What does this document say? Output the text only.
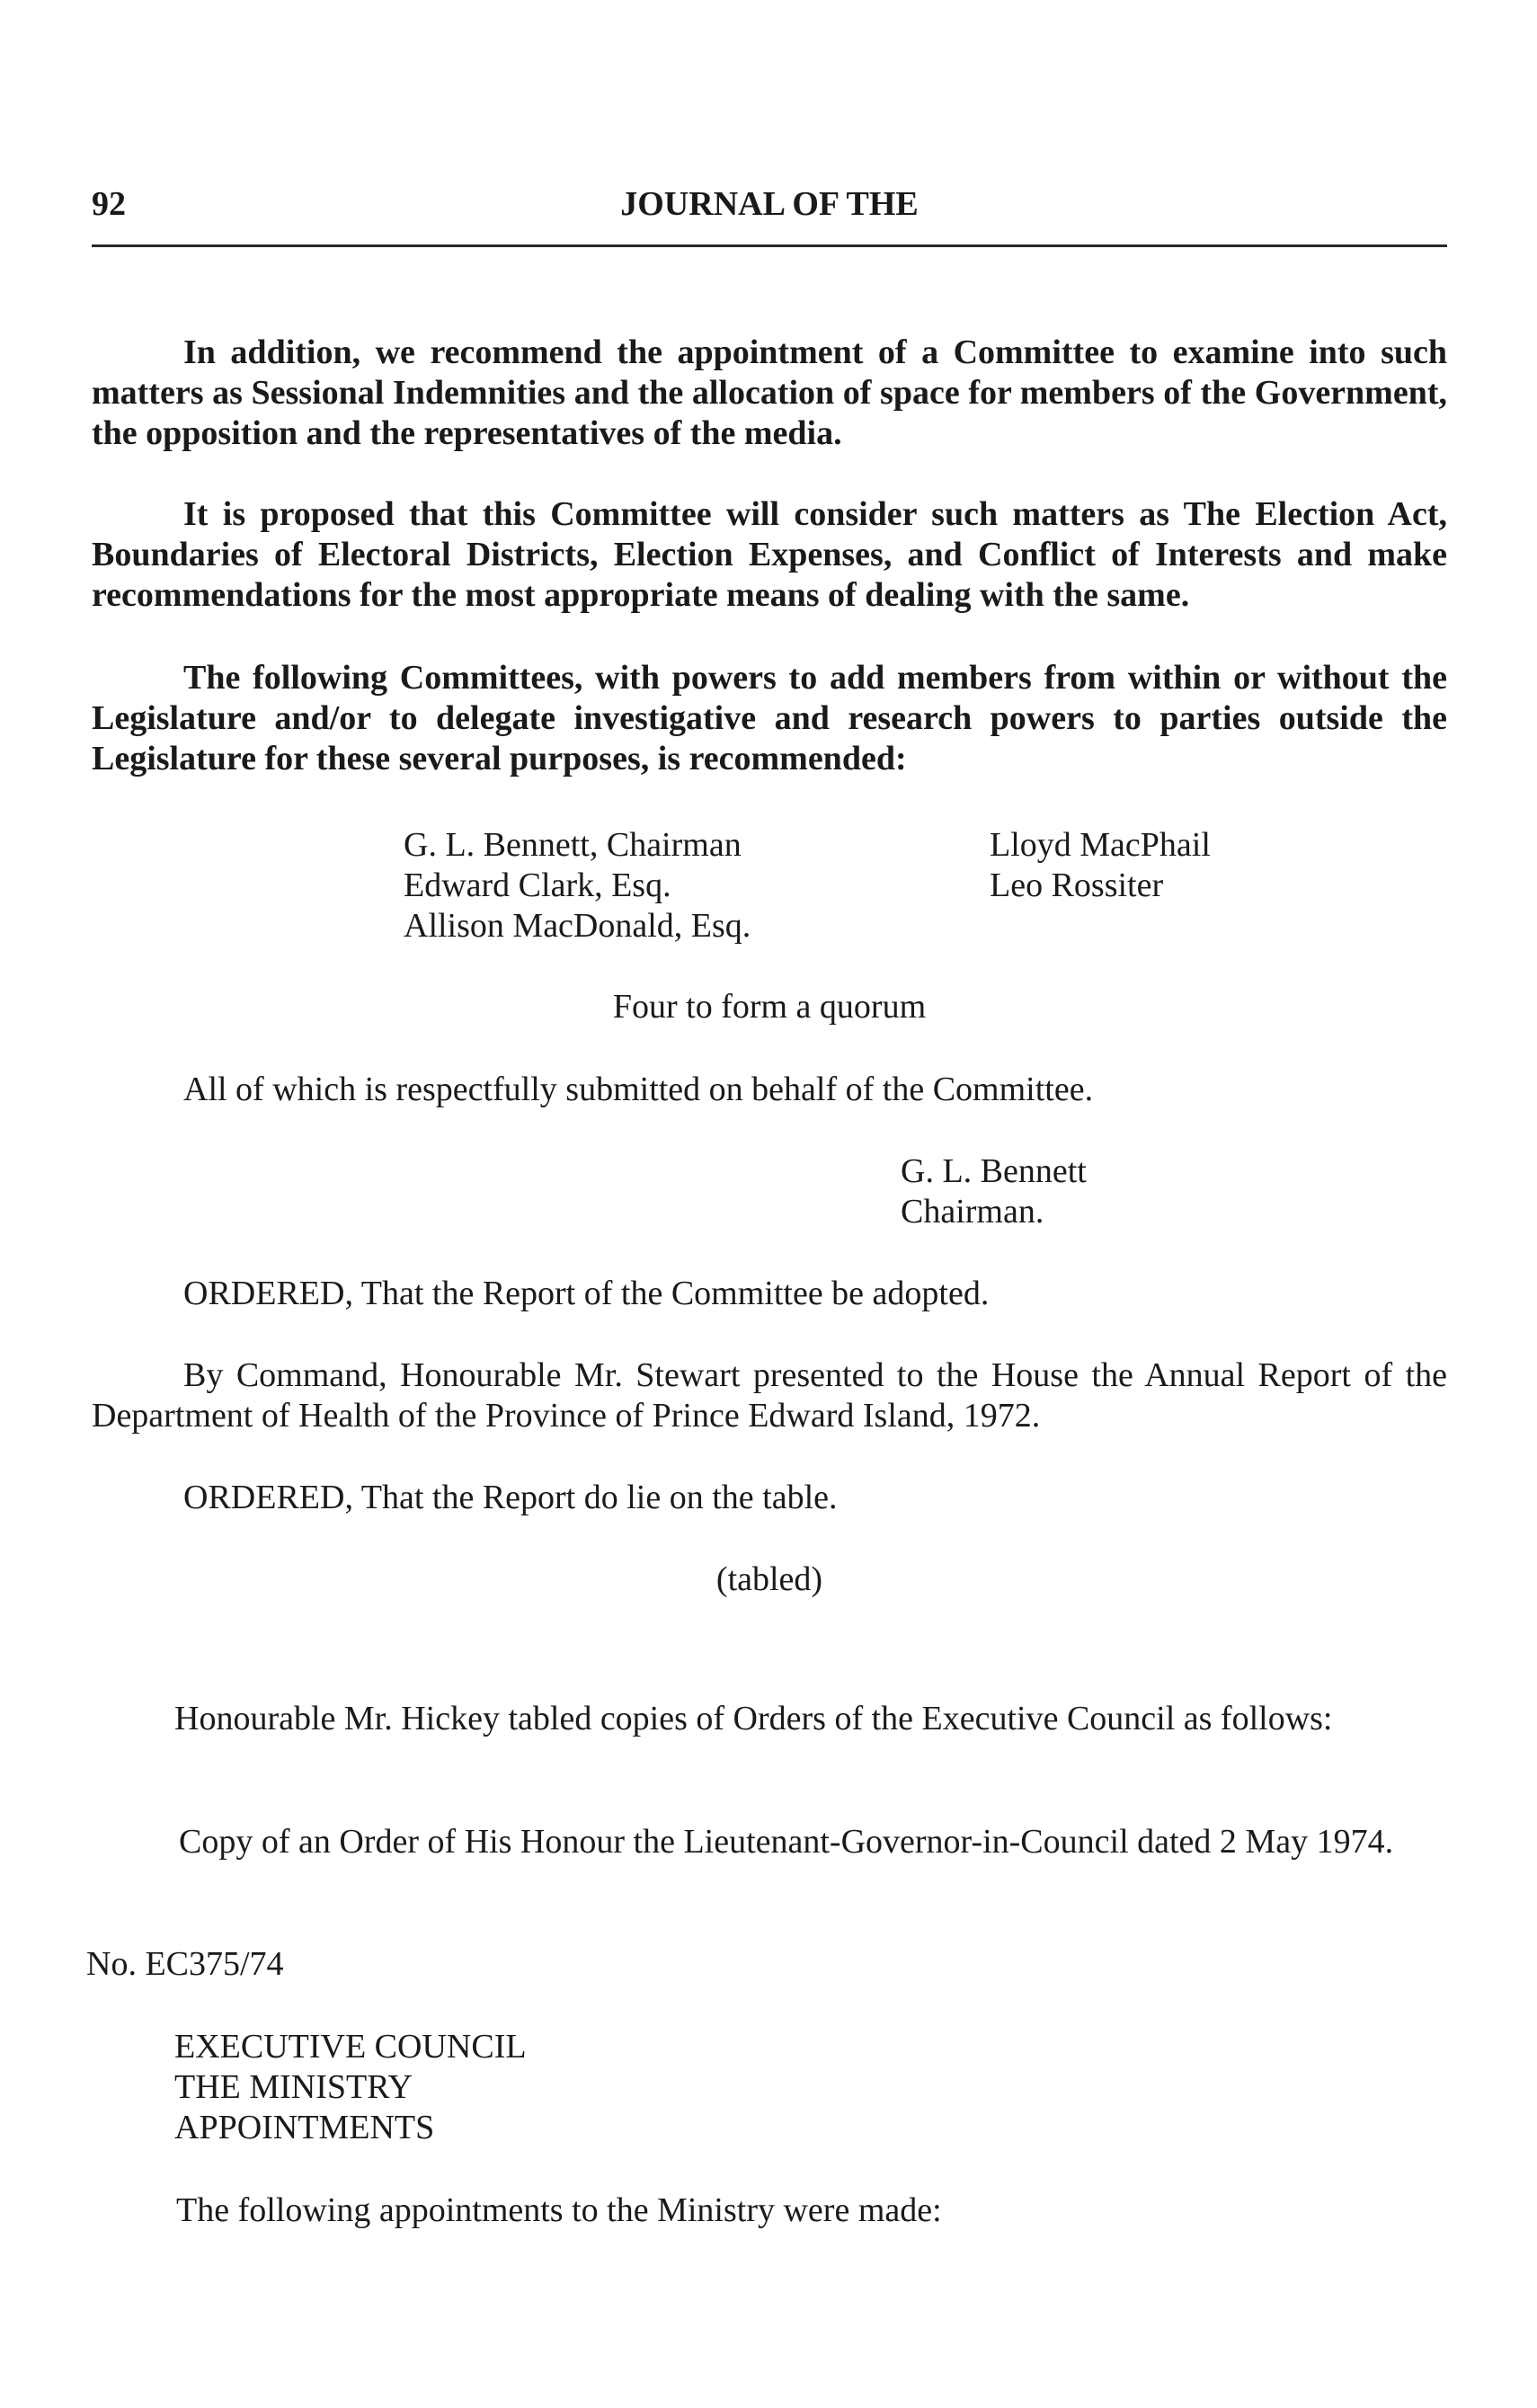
92	JOURNAL OF THE

In addition, we recommend the appointment of a Committee to examine into such matters as Sessional Indemnities and the allocation of space for members of the Government, the opposition and the representatives of the media.

It is proposed that this Committee will consider such matters as The Election Act, Boundaries of Electoral Districts, Election Expenses, and Conflict of Interests and make recommendations for the most appropriate means of dealing with the same.

The following Committees, with powers to add members from within or without the Legislature and/or to delegate investigative and research powers to parties outside the Legislature for these several purposes, is recommended:

G. L. Bennett, Chairman
Edward Clark, Esq.
Allison MacDonald, Esq.
Lloyd MacPhail
Leo Rossiter
Four to form a quorum
All of which is respectfully submitted on behalf of the Committee.
G. L. Bennett
Chairman.
ORDERED, That the Report of the Committee be adopted.

By Command, Honourable Mr. Stewart presented to the House the Annual Report of the Department of Health of the Province of Prince Edward Island, 1972.

ORDERED, That the Report do lie on the table.
(tabled)

Honourable Mr. Hickey tabled copies of Orders of the Executive Council as follows:

Copy of an Order of His Honour the Lieutenant-Governor-in-Council dated 2 May 1974.

No. EC375/74
EXECUTIVE COUNCIL
THE MINISTRY
APPOINTMENTS
The following appointments to the Ministry were made:
